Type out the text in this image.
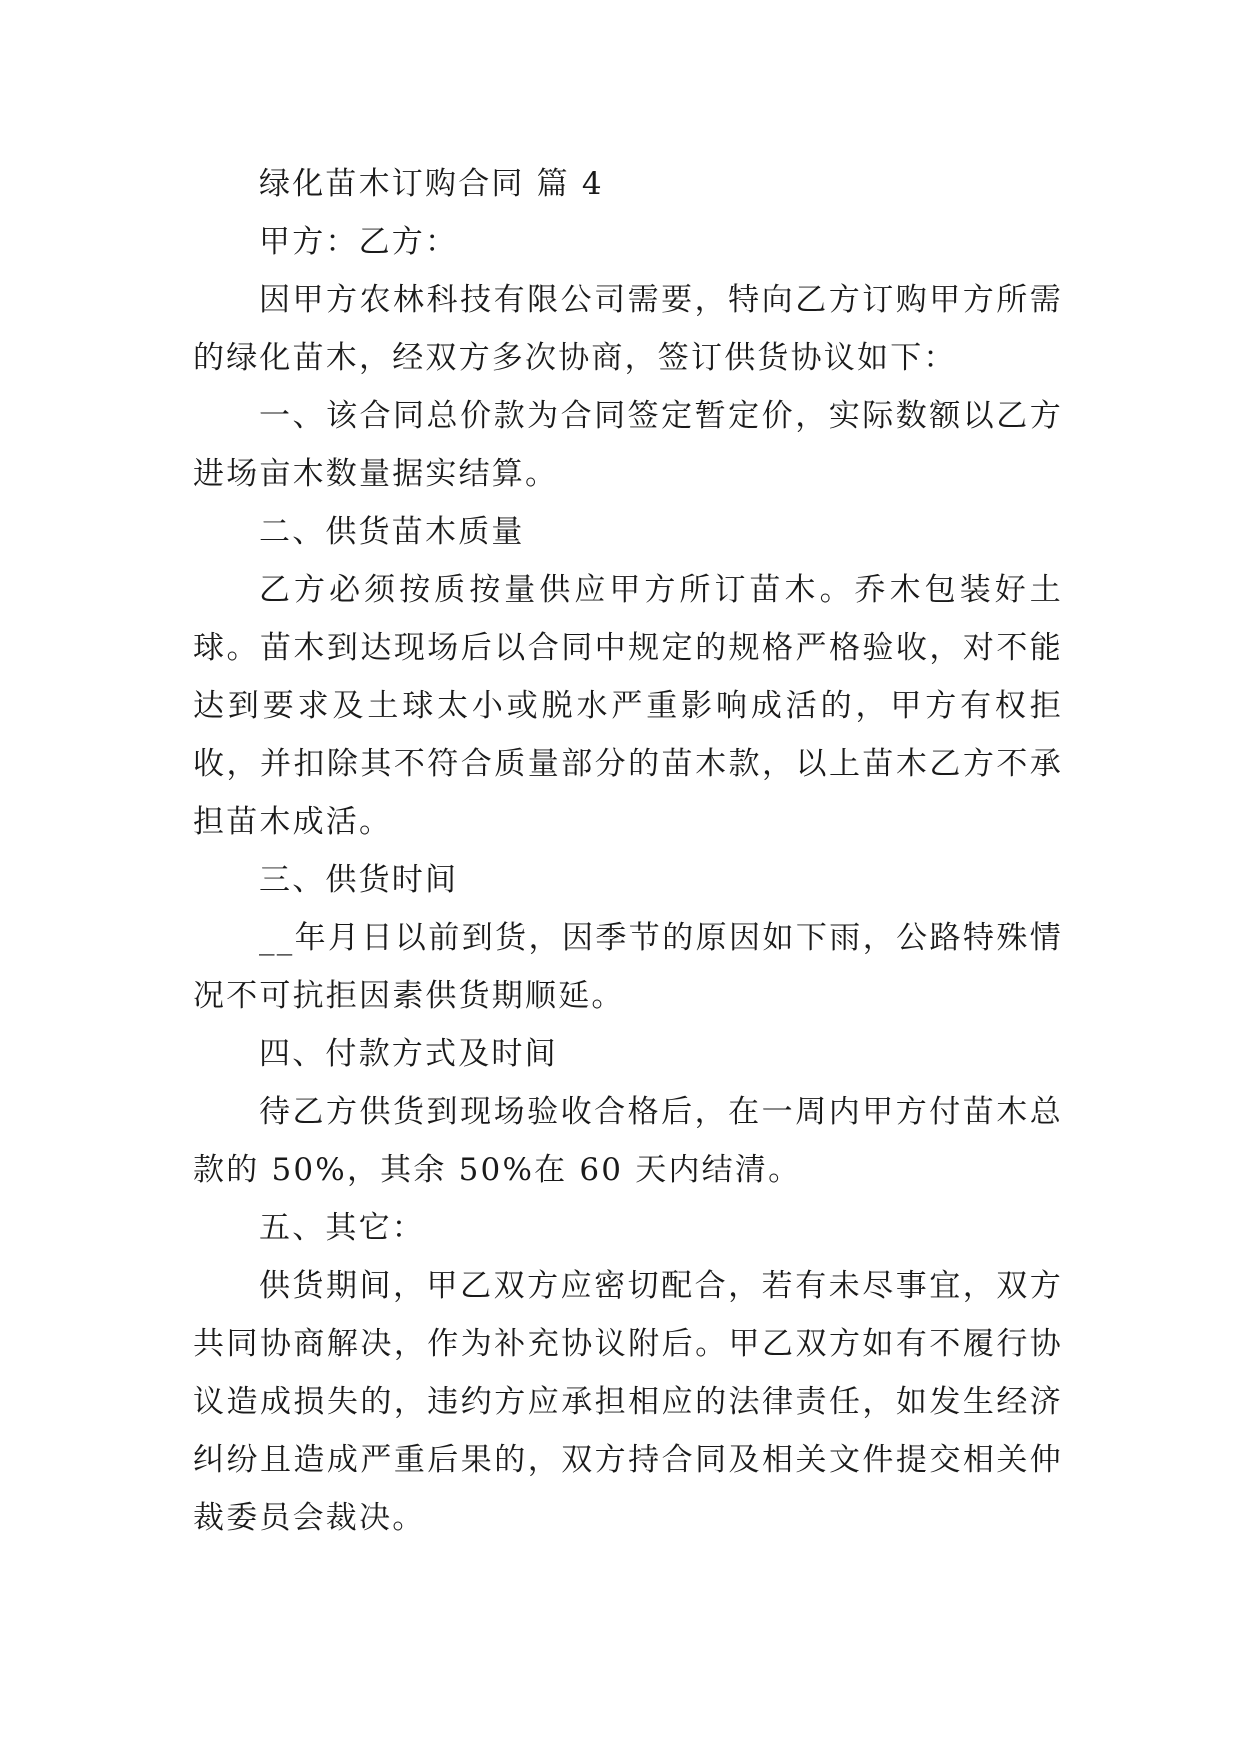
绿化苗木订购合同 篇 4

甲方：乙方：

因甲方农林科技有限公司需要，特向乙方订购甲方所需的绿化苗木，经双方多次协商，签订供货协议如下：

一、该合同总价款为合同签定暂定价，实际数额以乙方进场亩木数量据实结算。

二、供货苗木质量

乙方必须按质按量供应甲方所订苗木。乔木包装好土球。苗木到达现场后以合同中规定的规格严格验收，对不能达到要求及土球太小或脱水严重影响成活的，甲方有权拒收，并扣除其不符合质量部分的苗木款，以上苗木乙方不承担苗木成活。

三、供货时间

__年月日以前到货，因季节的原因如下雨，公路特殊情况不可抗拒因素供货期顺延。

四、付款方式及时间

待乙方供货到现场验收合格后，在一周内甲方付苗木总款的 50%，其余 50%在 60 天内结清。

五、其它：

供货期间，甲乙双方应密切配合，若有未尽事宜，双方共同协商解决，作为补充协议附后。甲乙双方如有不履行协议造成损失的，违约方应承担相应的法律责任，如发生经济纠纷且造成严重后果的，双方持合同及相关文件提交相关仲裁委员会裁决。
